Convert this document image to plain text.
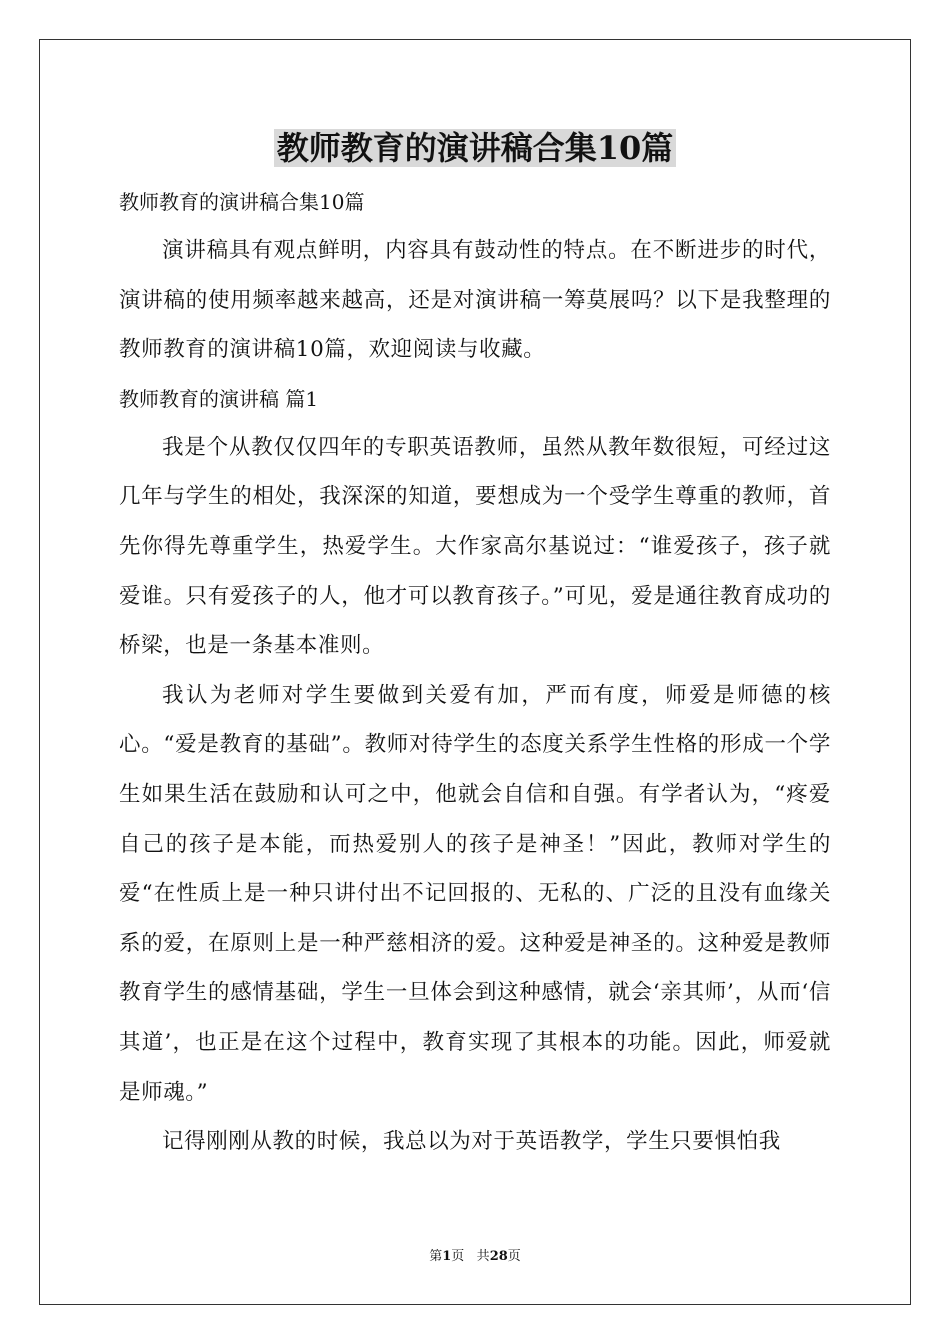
教师教育的演讲稿合集10篇

教师教育的演讲稿合集10篇

演讲稿具有观点鲜明，内容具有鼓动性的特点。在不断进步的时代，演讲稿的使用频率越来越高，还是对演讲稿一筹莫展吗？以下是我整理的教师教育的演讲稿10篇，欢迎阅读与收藏。

教师教育的演讲稿 篇1

我是个从教仅仅四年的专职英语教师，虽然从教年数很短，可经过这几年与学生的相处，我深深的知道，要想成为一个受学生尊重的教师，首先你得先尊重学生，热爱学生。大作家高尔基说过：“谁爱孩子，孩子就爱谁。只有爱孩子的人，他才可以教育孩子。”可见，爱是通往教育成功的桥梁，也是一条基本准则。

我认为老师对学生要做到关爱有加，严而有度，师爱是师德的核心。“爱是教育的基础”。教师对待学生的态度关系学生性格的形成一个学生如果生活在鼓励和认可之中，他就会自信和自强。有学者认为，“疼爱自己的孩子是本能，而热爱别人的孩子是神圣！”因此，教师对学生的爱“在性质上是一种只讲付出不记回报的、无私的、广泛的且没有血缘关系的爱，在原则上是一种严慈相济的爱。这种爱是神圣的。这种爱是教师教育学生的感情基础，学生一旦体会到这种感情，就会‘亲其师’，从而‘信其道’，也正是在这个过程中，教育实现了其根本的功能。因此，师爱就是师魂。”

记得刚刚从教的时候，我总以为对于英语教学，学生只要惧怕我

第1页   共28页
